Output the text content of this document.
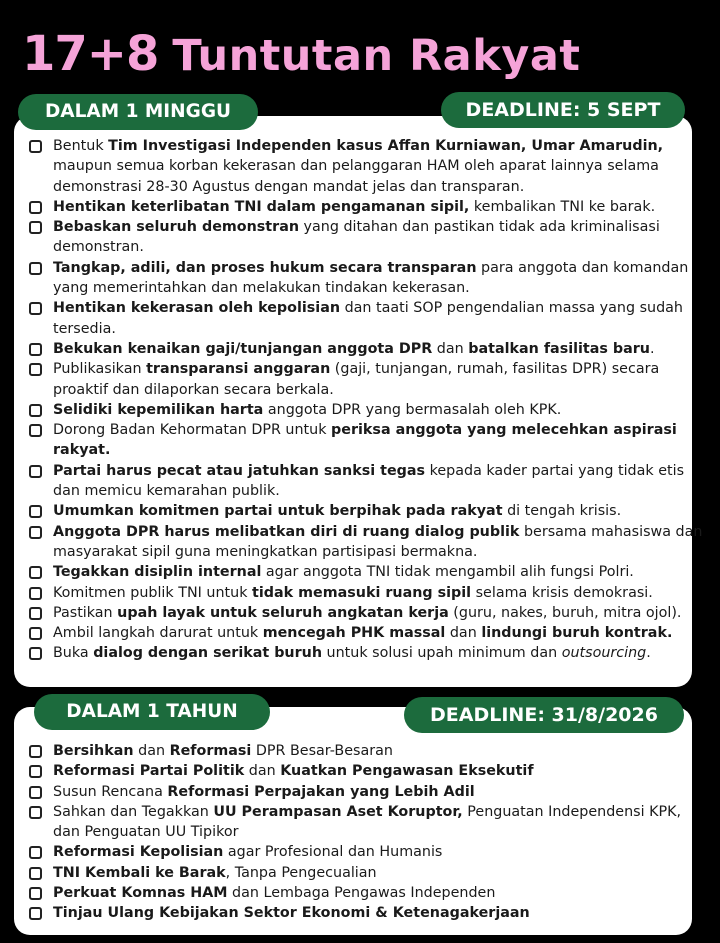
17+8 Tuntutan Rakyat
DALAM 1 MINGGU	DEADLINE: 5 SEPT
Bentuk Tim Investigasi Independen kasus Affan Kurniawan, Umar Amarudin, maupun semua korban kekerasan dan pelanggaran HAM oleh aparat lainnya selama demonstrasi 28-30 Agustus dengan mandat jelas dan transparan.
Hentikan keterlibatan TNI dalam pengamanan sipil, kembalikan TNI ke barak.
Bebaskan seluruh demonstran yang ditahan dan pastikan tidak ada kriminalisasi demonstran.
Tangkap, adili, dan proses hukum secara transparan para anggota dan komandan yang memerintahkan dan melakukan tindakan kekerasan.
Hentikan kekerasan oleh kepolisian dan taati SOP pengendalian massa yang sudah tersedia.
Bekukan kenaikan gaji/tunjangan anggota DPR dan batalkan fasilitas baru.
Publikasikan transparansi anggaran (gaji, tunjangan, rumah, fasilitas DPR) secara proaktif dan dilaporkan secara berkala.
Selidiki kepemilikan harta anggota DPR yang bermasalah oleh KPK.
Dorong Badan Kehormatan DPR untuk periksa anggota yang melecehkan aspirasi rakyat.
Partai harus pecat atau jatuhkan sanksi tegas kepada kader partai yang tidak etis dan memicu kemarahan publik.
Umumkan komitmen partai untuk berpihak pada rakyat di tengah krisis.
Anggota DPR harus melibatkan diri di ruang dialog publik bersama mahasiswa dan masyarakat sipil guna meningkatkan partisipasi bermakna.
Tegakkan disiplin internal agar anggota TNI tidak mengambil alih fungsi Polri.
Komitmen publik TNI untuk tidak memasuki ruang sipil selama krisis demokrasi.
Pastikan upah layak untuk seluruh angkatan kerja (guru, nakes, buruh, mitra ojol).
Ambil langkah darurat untuk mencegah PHK massal dan lindungi buruh kontrak.
Buka dialog dengan serikat buruh untuk solusi upah minimum dan outsourcing.
DALAM 1 TAHUN	DEADLINE: 31/8/2026
Bersihkan dan Reformasi DPR Besar-Besaran
Reformasi Partai Politik dan Kuatkan Pengawasan Eksekutif
Susun Rencana Reformasi Perpajakan yang Lebih Adil
Sahkan dan Tegakkan UU Perampasan Aset Koruptor, Penguatan Independensi KPK, dan Penguatan UU Tipikor
Reformasi Kepolisian agar Profesional dan Humanis
TNI Kembali ke Barak, Tanpa Pengecualian
Perkuat Komnas HAM dan Lembaga Pengawas Independen
Tinjau Ulang Kebijakan Sektor Ekonomi & Ketenagakerjaan
